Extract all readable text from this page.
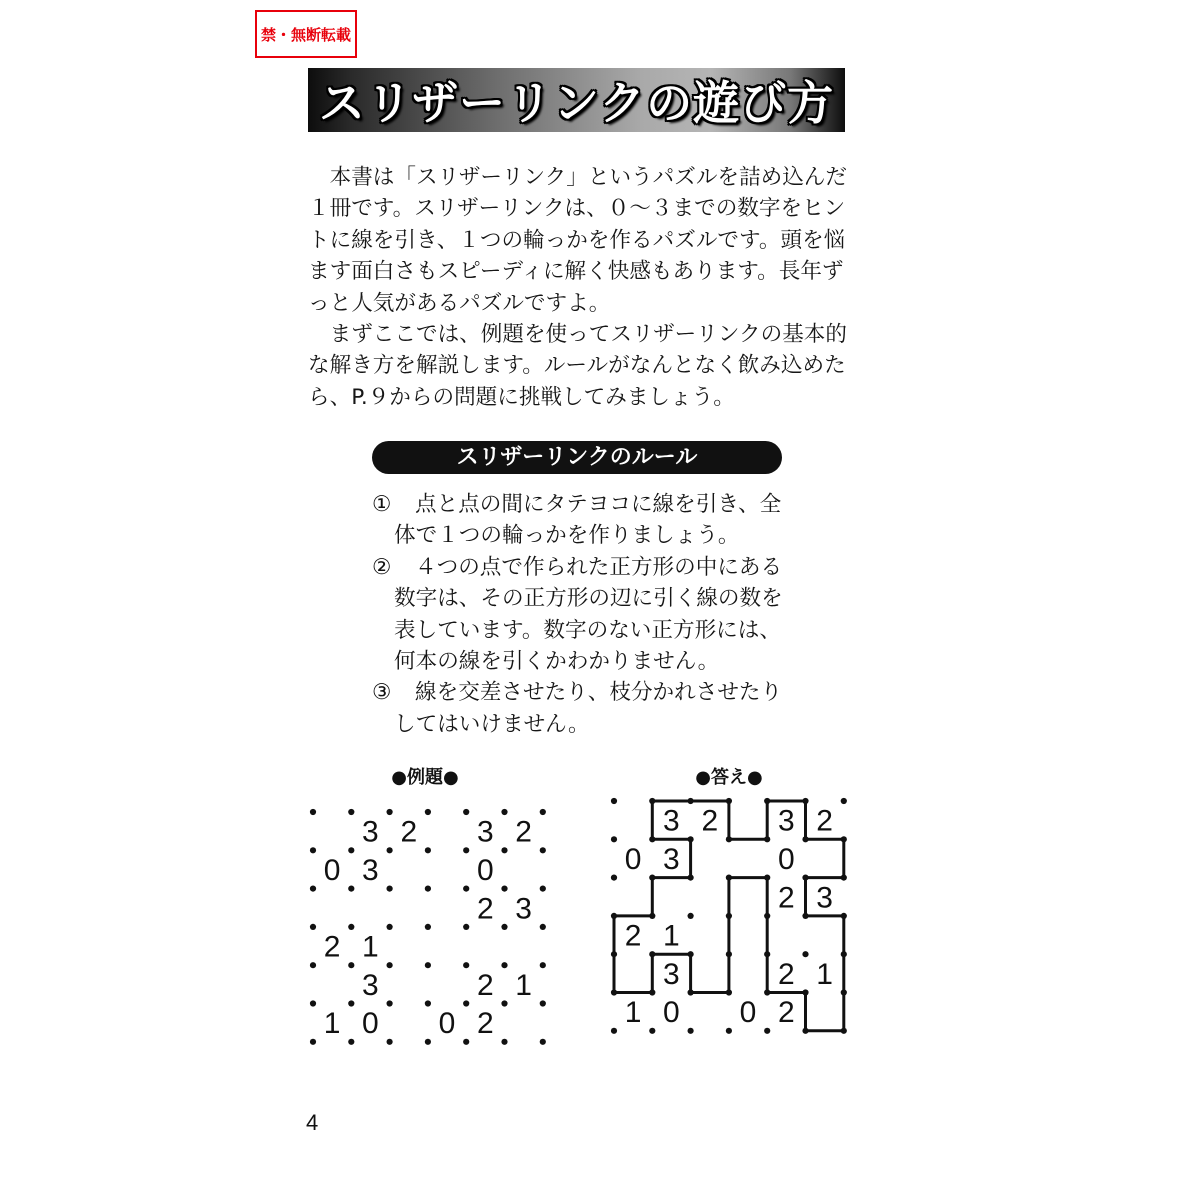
禁・無断転載
スリザーリンクの遊び方
本書は「スリザーリンク」というパズルを詰め込んだ
１冊です。スリザーリンクは、０～３までの数字をヒン
トに線を引き、１つの輪っかを作るパズルです。頭を悩
ます面白さもスピーディに解く快感もあります。長年ず
っと人気があるパズルですよ。
まずここでは、例題を使ってスリザーリンクの基本的
な解き方を解説します。ルールがなんとなく飲み込めた
ら、P.９からの問題に挑戦してみましょう。
スリザーリンクのルール
①	点と点の間にタテヨコに線を引き、全
体で１つの輪っかを作りましょう。
②	４つの点で作られた正方形の中にある
数字は、その正方形の辺に引く線の数を
表しています。数字のない正方形には、
何本の線を引くかわかりません。
③	線を交差させたり、枝分かれさせたり
してはいけません。
●例題●	●答え●
3 2 3 2
0 3	0
2 3
2 1
3	2 1
1 0 0 2
3 2 3 2
0 3	0
2 3
2 1
3	2 1
1 0 0 2
4
